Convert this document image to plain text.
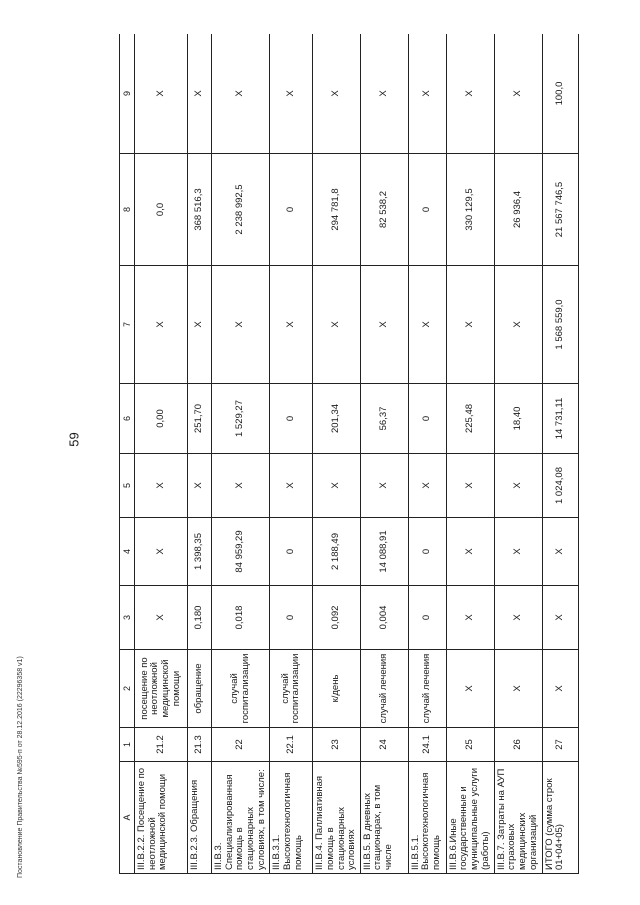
59
Постановление Правительства №595-п от 28.12.2016 (22296358 v1)	А	1	2	3	4	5	6	7	8	9
III.В.2.2. Посещение по неотложной медицинской помощи	21.2	посещение по неотложной медицинской помощи	X	X	X	0,00	X	0,0	X
III.В.2.3. Обращения	21.3	обращение	0,180	1 398,35	X	251,70	X	368 516,3	X
III.В.3. Специализированная помощь в стационарных условиях, в том числе:	22	случай госпитализации	0,018	84 959,29	X	1 529,27	X	2 238 992,5	X
III.В.3.1. Высокотехнологичная помощь	22.1	случай госпитализации	0	0	X	0	X	0	X
III.В.4. Паллиативная помощь в стационарных условиях	23	к/день	0,092	2 188,49	X	201,34	X	294 781,8	X
III.В.5. В дневных стационарах, в том числе	24	случай лечения	0,004	14 088,91	X	56,37	X	82 538,2	X
III.В.5.1. Высокотехнологичная помощь	24.1	случай лечения	0	0	X	0	X	0	X
III.В.6.Иные государственные и муниципальные услуги (работы)	25	X	X	X	X	225,48	X	330 129,5	X
III.В.7. Затраты на АУП страховых медицинских организаций	26	X	X	X	X	18,40	X	26 936,4	X
ИТОГО (сумма строк 01+04+05)	27	X	X	X	1 024,08	14 731,11	1 568 559,0	21 567 746,5	100,0
